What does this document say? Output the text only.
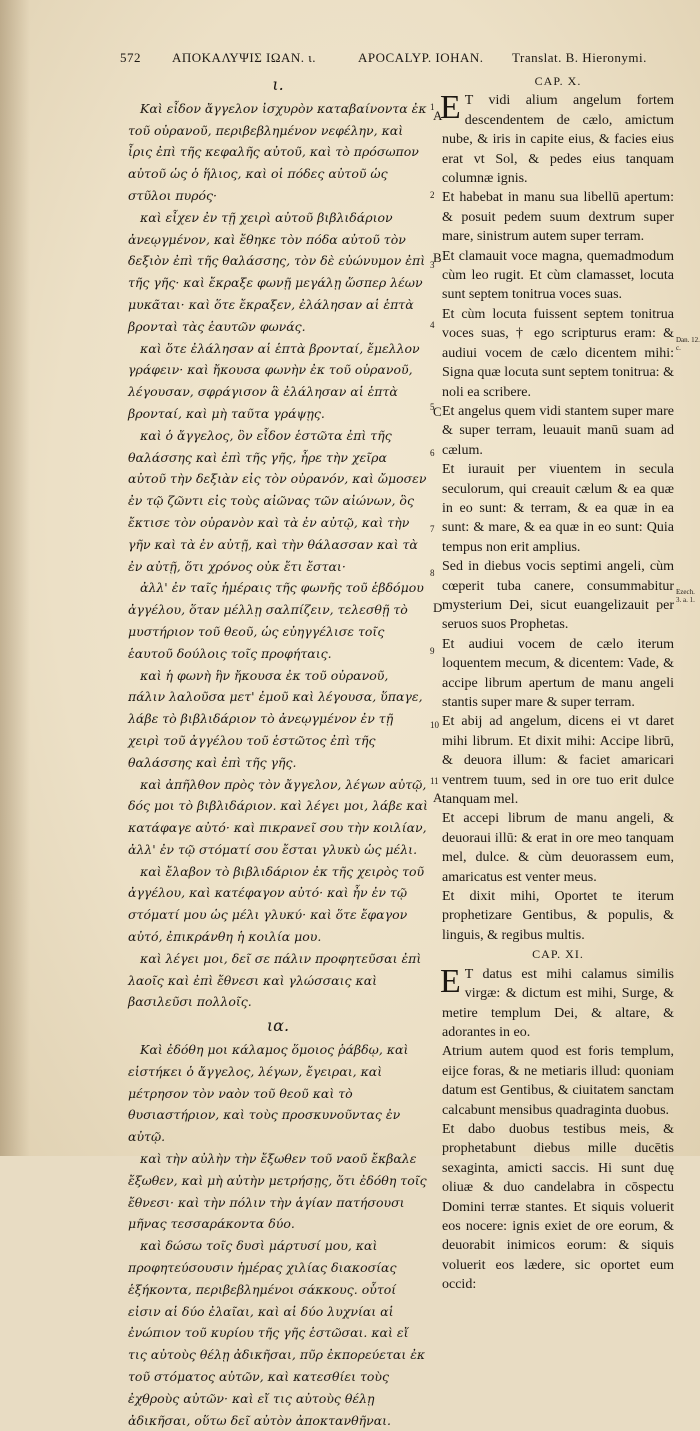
572 ΑΠΟΚΑΛΥΨΙΣ ΙΩΑΝ. ι.	APOCALYP. IOHAN. Translat. B. Hieronymi.

ι.

Καὶ εἶδον ἄγγελον ἰσχυρὸν καταβαίνοντα ἐκ τοῦ οὐρανοῦ, περιβεβλημένον νεφέλην, καὶ ἶρις ἐπὶ τῆς κεφαλῆς αὐτοῦ, καὶ τὸ πρόσωπον αὐτοῦ ὡς ὁ ἥλιος, καὶ οἱ πόδες αὐτοῦ ὡς στῦλοι πυρός·

καὶ εἶχεν ἐν τῇ χειρὶ αὐτοῦ βιβλιδάριον ἀνεῳγμένον, καὶ ἔθηκε τὸν πόδα αὐτοῦ τὸν δεξιὸν ἐπὶ τῆς θαλάσσης, τὸν δὲ εὐώνυμον ἐπὶ τῆς γῆς· καὶ ἔκραξε φωνῇ μεγάλῃ ὥσπερ λέων μυκᾶται· καὶ ὅτε ἔκραξεν, ἐλάλησαν αἱ ἑπτὰ βρονταὶ τὰς ἑαυτῶν φωνάς.

καὶ ὅτε ἐλάλησαν αἱ ἑπτὰ βρονταί, ἔμελλον γράφειν· καὶ ἤκουσα φωνὴν ἐκ τοῦ οὐρανοῦ, λέγουσαν, σφράγισον ἃ ἐλάλησαν αἱ ἑπτὰ βρονταί, καὶ μὴ ταῦτα γράψῃς.

καὶ ὁ ἄγγελος, ὃν εἶδον ἑστῶτα ἐπὶ τῆς θαλάσσης καὶ ἐπὶ τῆς γῆς, ἦρε τὴν χεῖρα αὐτοῦ τὴν δεξιὰν εἰς τὸν οὐρανόν, καὶ ὤμοσεν ἐν τῷ ζῶντι εἰς τοὺς αἰῶνας τῶν αἰώνων, ὃς ἔκτισε τὸν οὐρανὸν καὶ τὰ ἐν αὐτῷ, καὶ τὴν γῆν καὶ τὰ ἐν αὐτῇ, καὶ τὴν θάλασσαν καὶ τὰ ἐν αὐτῇ, ὅτι χρόνος οὐκ ἔτι ἔσται·

ἀλλ' ἐν ταῖς ἡμέραις τῆς φωνῆς τοῦ ἑβδόμου ἀγγέλου, ὅταν μέλλῃ σαλπίζειν, τελεσθῇ τὸ μυστήριον τοῦ θεοῦ, ὡς εὐηγγέλισε τοῖς ἑαυτοῦ δούλοις τοῖς προφήταις.

καὶ ἡ φωνὴ ἣν ἤκουσα ἐκ τοῦ οὐρανοῦ, πάλιν λαλοῦσα μετ' ἐμοῦ καὶ λέγουσα, ὕπαγε, λάβε τὸ βιβλιδάριον τὸ ἀνεῳγμένον ἐν τῇ χειρὶ τοῦ ἀγγέλου τοῦ ἑστῶτος ἐπὶ τῆς θαλάσσης καὶ ἐπὶ τῆς γῆς.

καὶ ἀπῆλθον πρὸς τὸν ἄγγελον, λέγων αὐτῷ, δός μοι τὸ βιβλιδάριον. καὶ λέγει μοι, λάβε καὶ κατάφαγε αὐτό· καὶ πικρανεῖ σου τὴν κοιλίαν, ἀλλ' ἐν τῷ στόματί σου ἔσται γλυκὺ ὡς μέλι.

καὶ ἔλαβον τὸ βιβλιδάριον ἐκ τῆς χειρὸς τοῦ ἀγγέλου, καὶ κατέφαγον αὐτό· καὶ ἦν ἐν τῷ στόματί μου ὡς μέλι γλυκύ· καὶ ὅτε ἔφαγον αὐτό, ἐπικράνθη ἡ κοιλία μου.

καὶ λέγει μοι, δεῖ σε πάλιν προφητεῦσαι ἐπὶ λαοῖς καὶ ἐπὶ ἔθνεσι καὶ γλώσσαις καὶ βασιλεῦσι πολλοῖς.

ια.

Καὶ ἐδόθη μοι κάλαμος ὅμοιος ῥάβδῳ, καὶ εἱστήκει ὁ ἄγγελος, λέγων, ἔγειραι, καὶ μέτρησον τὸν ναὸν τοῦ θεοῦ καὶ τὸ θυσιαστήριον, καὶ τοὺς προσκυνοῦντας ἐν αὐτῷ.

καὶ τὴν αὐλὴν τὴν ἔξωθεν τοῦ ναοῦ ἔκβαλε ἔξωθεν, καὶ μὴ αὐτὴν μετρήσῃς, ὅτι ἐδόθη τοῖς ἔθνεσι· καὶ τὴν πόλιν τὴν ἁγίαν πατήσουσι μῆνας τεσσαράκοντα δύο.

καὶ δώσω τοῖς δυσὶ μάρτυσί μου, καὶ προφητεύσουσιν ἡμέρας χιλίας διακοσίας ἑξήκοντα, περιβεβλημένοι σάκκους. οὗτοί εἰσιν αἱ δύο ἐλαῖαι, καὶ αἱ δύο λυχνίαι αἱ ἐνώπιον τοῦ κυρίου τῆς γῆς ἑστῶσαι. καὶ εἴ τις αὐτοὺς θέλῃ ἀδικῆσαι, πῦρ ἐκπορεύεται ἐκ τοῦ στόματος αὐτῶν, καὶ κατεσθίει τοὺς ἐχθροὺς αὐτῶν· καὶ εἴ τις αὐτοὺς θέλῃ ἀδικῆσαι, οὕτω δεῖ αὐτὸν ἀποκτανθῆναι.

1
2
3
4
5
6
7
8
9
10
11

CAP. X.

E T vidi alium angelum fortem descendentem de cælo, amictum nube, & iris in capite eius, & facies eius erat vt Sol, & pedes eius tanquam columnæ ignis.

Et habebat in manu sua libellū apertum: & posuit pedem suum dextrum super mare, sinistrum autem super terram.

Et clamauit voce magna, quemadmodum cùm leo rugit. Et cùm clamasset, locuta sunt septem tonitrua voces suas.

Et cùm locuta fuissent septem tonitrua voces suas, † ego scripturus eram: & audiui vocem de cælo dicentem mihi: Signa quæ locuta sunt septem tonitrua: & noli ea scribere.

Et angelus quem vidi stantem super mare & super terram, leuauit manū suam ad cælum.

Et iurauit per viuentem in secula seculorum, qui creauit cælum & ea quæ in eo sunt: & terram, & ea quæ in ea sunt: & mare, & ea quæ in eo sunt: Quia tempus non erit amplius.

Sed in diebus vocis septimi angeli, cùm cœperit tuba canere, consummabitur mysterium Dei, sicut euangelizauit per seruos suos Prophetas.

Et audiui vocem de cælo iterum loquentem mecum, & dicentem: Vade, & accipe librum apertum de manu angeli stantis super mare & super terram.

Et abij ad angelum, dicens ei vt daret mihi librum. Et dixit mihi: Accipe librū, & deuora illum: & faciet amaricari ventrem tuum, sed in ore tuo erit dulce tanquam mel.

Et accepi librum de manu angeli, & deuoraui illū: & erat in ore meo tanquam mel, dulce. & cùm deuorassem eum, amaricatus est venter meus.

Et dixit mihi, Oportet te iterum prophetizare Gentibus, & populis, & linguis, & regibus multis.

CAP. XI.

E T datus est mihi calamus similis virgæ: & dictum est mihi, Surge, & metire templum Dei, & altare, & adorantes in eo.

Atrium autem quod est foris templum, eijce foras, & ne metiaris illud: quoniam datum est Gentibus, & ciuitatem sanctam calcabunt mensibus quadraginta duobus.

Et dabo duobus testibus meis, & prophetabunt diebus mille ducētis sexaginta, amicti saccis. Hi sunt duę oliuæ & duo candelabra in cōspectu Domini terræ stantes. Et siquis voluerit eos nocere: ignis exiet de ore eorum, & deuorabit inimicos eorum: & siquis voluerit eos lædere, sic oportet eum occid:

A
B
C
D
A
Dan. 12. c.
Ezech. 3. a. 1.
